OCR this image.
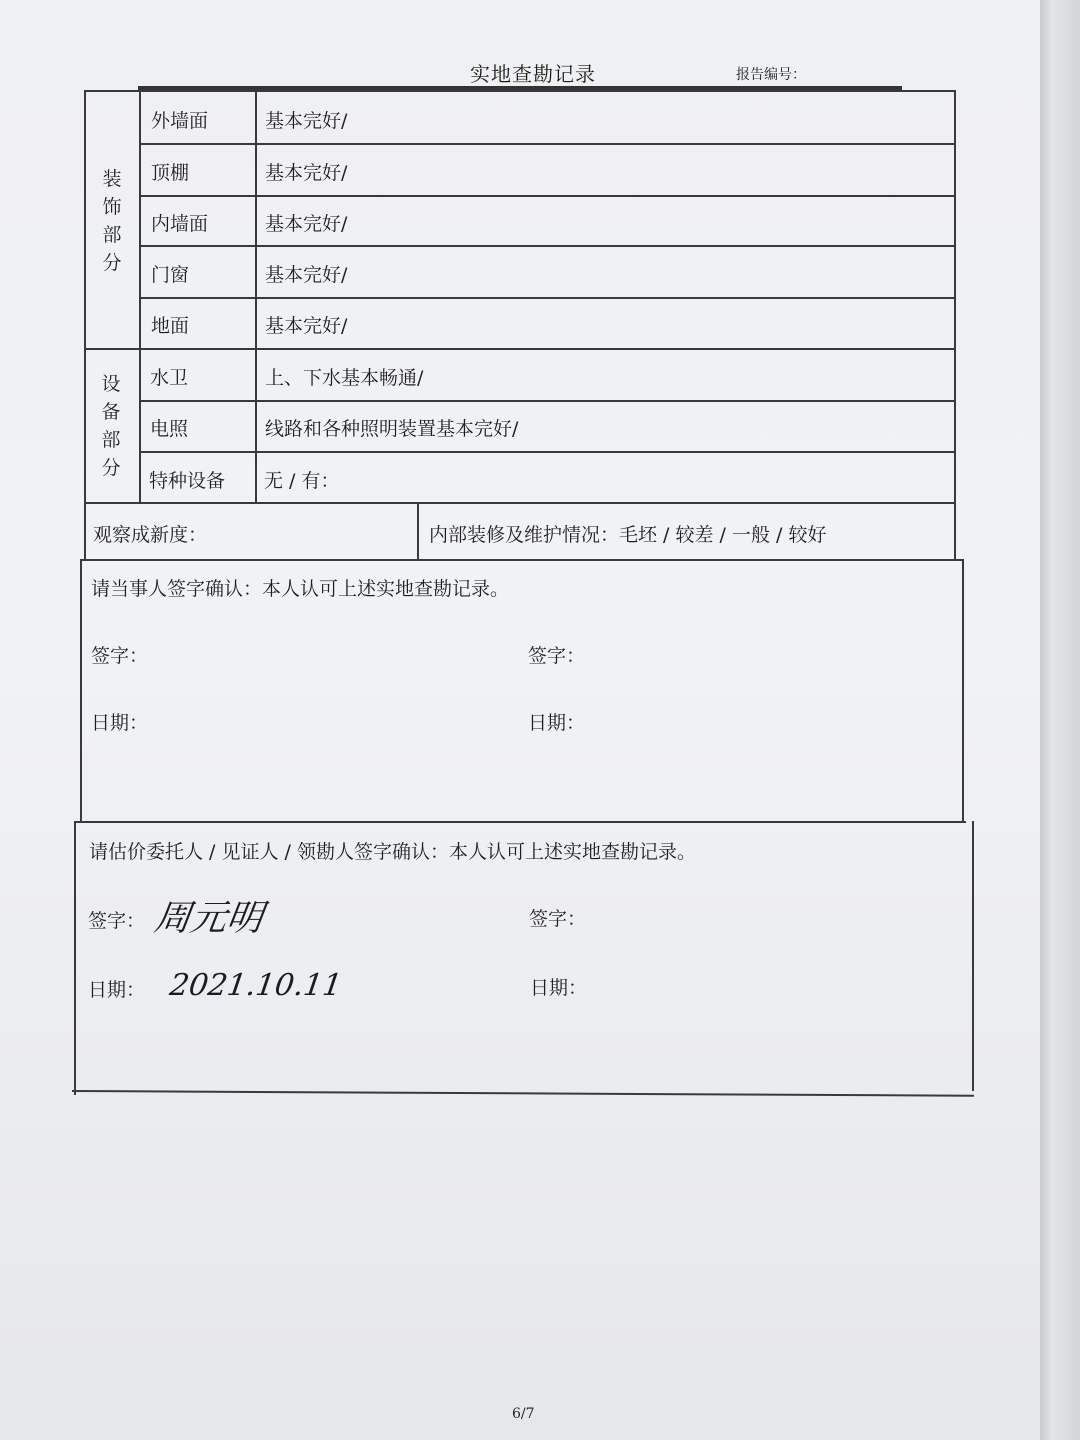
实地查勘记录	报告编号：
装饰部分
外墙面	基本完好/
顶棚	基本完好/
内墙面	基本完好/
门窗	基本完好/
地面	基本完好/
设备部分
水卫	上、下水基本畅通/
电照	线路和各种照明装置基本完好/
特种设备 无 / 有：
观察成新度：	内部装修及维护情况：毛坯 / 较差 / 一般 / 较好
请当事人签字确认：本人认可上述实地查勘记录。
签字：	签字：
日期：	日期：
请估价委托人 / 见证人 / 领勘人签字确认：本人认可上述实地查勘记录。
签字： 周元明	签字：
日期： 2021.10.11	日期：
6/7
